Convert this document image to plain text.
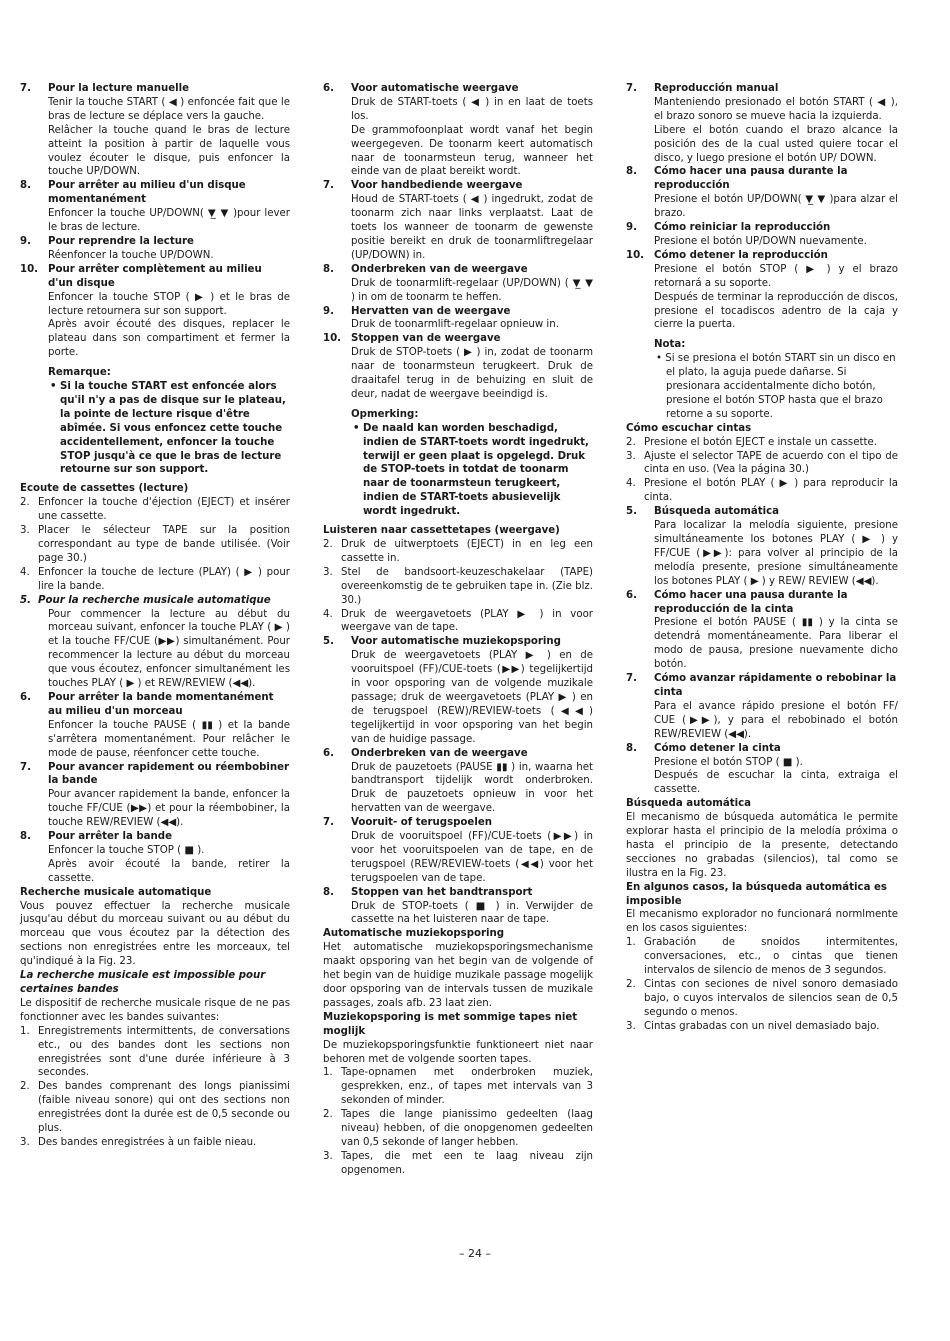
7. Pour la lecture manuelle

Tenir la touche START ( ◀ ) enfoncée fait que le bras de lecture se déplace vers la gauche.

Relâcher la touche quand le bras de lecture atteint la position à partir de laquelle vous voulez écouter le disque, puis enfoncer la touche UP/DOWN.

8. Pour arrêter au milieu d'un disque momentanément

Enfoncer la touche UP/DOWN( ▼̲ ▼ )pour lever le bras de lecture.

9. Pour reprendre la lecture

Réenfoncer la touche UP/DOWN.

10. Pour arrêter complètement au milieu d'un disque

Enfoncer la touche STOP ( ▶ ) et le bras de lecture retournera sur son support.

Après avoir écouté des disques, replacer le plateau dans son compartiment et fermer la porte.

Remarque:

• Si la touche START est enfoncée alors qu'il n'y a pas de disque sur le plateau, la pointe de lecture risque d'être abîmée. Si vous enfoncez cette touche accidentellement, enfoncer la touche STOP jusqu'à ce que le bras de lecture retourne sur son support.

Ecoute de cassettes (lecture)

2. Enfoncer la touche d'éjection (EJECT) et insérer une cassette.

3. Placer le sélecteur TAPE sur la position correspondant au type de bande utilisée. (Voir page 30.)

4. Enfoncer la touche de lecture (PLAY) ( ▶ ) pour lire la bande.

5. Pour la recherche musicale automatique

Pour commencer la lecture au début du morceau suivant, enfoncer la touche PLAY ( ▶ ) et la touche FF/CUE (▶▶) simultanément. Pour recommencer la lecture au début du morceau que vous écoutez, enfoncer simultanément les touches PLAY ( ▶ ) et REW/REVIEW (◀◀).

6. Pour arrêter la bande momentanément au milieu d'un morceau

Enfoncer la touche PAUSE ( ▮▮ ) et la bande s'arrêtera momentanément. Pour relâcher le mode de pause, réenfoncer cette touche.

7. Pour avancer rapidement ou réembobiner la bande

Pour avancer rapidement la bande, enfoncer la touche FF/CUE (▶▶) et pour la réembobiner, la touche REW/REVIEW (◀◀).

8. Pour arrêter la bande

Enfoncer la touche STOP ( ■ ).

Après avoir écouté la bande, retirer la cassette.

Recherche musicale automatique

Vous pouvez effectuer la recherche musicale jusqu'au début du morceau suivant ou au début du morceau que vous écoutez par la détection des sections non enregistrées entre les morceaux, tel qu'indiqué à la Fig. 23.

La recherche musicale est impossible pour certaines bandes

Le dispositif de recherche musicale risque de ne pas fonctionner avec les bandes suivantes:

1. Enregistrements intermittents, de conversations etc., ou des bandes dont les sections non enregistrées sont d'une durée inférieure à 3 secondes.

2. Des bandes comprenant des longs pianissimi (faible niveau sonore) qui ont des sections non enregistrées dont la durée est de 0,5 seconde ou plus.

3. Des bandes enregistrées à un faible nieau.

6. Voor automatische weergave

Druk de START-toets ( ◀ ) in en laat de toets los.

De grammofoonplaat wordt vanaf het begin weergegeven. De toonarm keert automatisch naar de toonarmsteun terug, wanneer het einde van de plaat bereikt wordt.

7. Voor handbediende weergave

Houd de START-toets ( ◀ ) ingedrukt, zodat de toonarm zich naar links verplaatst. Laat de toets los wanneer de toonarm de gewenste positie bereikt en druk de toonarmliftregelaar (UP/DOWN) in.

8. Onderbreken van de weergave

Druk de toonarmlift-regelaar (UP/DOWN) ( ▼̲ ▼ ) in om de toonarm te heffen.

9. Hervatten van de weergave

Druk de toonarmlift-regelaar opnieuw in.

10. Stoppen van de weergave

Druk de STOP-toets ( ▶ ) in, zodat de toonarm naar de toonarmsteun terugkeert. Druk de draaitafel terug in de behuizing en sluit de deur, nadat de weergave beeindigd is.

Opmerking:

• De naald kan worden beschadigd, indien de START-toets wordt ingedrukt, terwijl er geen plaat is opgelegd. Druk de STOP-toets in totdat de toonarm naar de toonarmsteun terugkeert, indien de START-toets abusievelijk wordt ingedrukt.

Luisteren naar cassettetapes (weergave)

2. Druk de uitwerptoets (EJECT) in en leg een cassette in.

3. Stel de bandsoort-keuzeschakelaar (TAPE) overeenkomstig de te gebruiken tape in. (Zie blz. 30.)

4. Druk de weergavetoets (PLAY ▶ ) in voor weergave van de tape.

5. Voor automatische muziekopsporing

Druk de weergavetoets (PLAY ▶ ) en de vooruitspoel (FF)/CUE-toets (▶▶) tegelijkertijd in voor opsporing van de volgende muzikale passage; druk de weergavetoets (PLAY ▶ ) en de terugspoel (REW)/REVIEW-toets (◀◀) tegelijkertijd in voor opsporing van het begin van de huidige passage.

6. Onderbreken van de weergave

Druk de pauzetoets (PAUSE ▮▮ ) in, waarna het bandtransport tijdelijk wordt onderbroken. Druk de pauzetoets opnieuw in voor het hervatten van de weergave.

7. Vooruit- of terugspoelen

Druk de vooruitspoel (FF)/CUE-toets (▶▶) in voor het vooruitspoelen van de tape, en de terugspoel (REW/REVIEW-toets (◀◀) voor het terugspoelen van de tape.

8. Stoppen van het bandtransport

Druk de STOP-toets ( ■ ) in. Verwijder de cassette na het luisteren naar de tape.

Automatische muziekopsporing

Het automatische muziekopsporingsmechanisme maakt opsporing van het begin van de volgende of het begin van de huidige muzikale passage mogelijk door opsporing van de intervals tussen de muzikale passages, zoals afb. 23 laat zien.

Muziekopsporing is met sommige tapes niet moglijk

De muziekopsporingsfunktie funktioneert niet naar behoren met de volgende soorten tapes.

1. Tape-opnamen met onderbroken muziek, gesprekken, enz., of tapes met intervals van 3 sekonden of minder.

2. Tapes die lange pianissimo gedeelten (laag niveau) hebben, of die onopgenomen gedeelten van 0,5 sekonde of langer hebben.

3. Tapes, die met een te laag niveau zijn opgenomen.

7. Reproducción manual

Manteniendo presionado el botón START ( ◀ ), el brazo sonoro se mueve hacia la izquierda.

Libere el botón cuando el brazo alcance la posición des de la cual usted quiere tocar el disco, y luego presione el botón UP/ DOWN.

8. Cómo hacer una pausa durante la reproducción

Presione el botón UP/DOWN( ▼̲ ▼ )para alzar el brazo.

9. Cómo reiniciar la reproducción

Presione el botón UP/DOWN nuevamente.

10. Cómo detener la reproducción

Presione el botón STOP ( ▶ ) y el brazo retornará a su soporte.

Después de terminar la reproducción de discos, presione el tocadiscos adentro de la caja y cierre la puerta.

Nota:

• Si se presiona el botón START sin un disco en el plato, la aguja puede dañarse. Si presionara accidentalmente dicho botón, presione el botón STOP hasta que el brazo retorne a su soporte.

Cómo escuchar cintas

2. Presione el botón EJECT e instale un cassette.

3. Ajuste el selector TAPE de acuerdo con el tipo de cinta en uso. (Vea la página 30.)

4. Presione el botón PLAY ( ▶ ) para reproducir la cinta.

5. Búsqueda automática

Para localizar la melodía siguiente, presione simultáneamente los botones PLAY ( ▶ ) y FF/CUE (▶▶): para volver al principio de la melodía presente, presione simultáneamente los botones PLAY ( ▶ ) y REW/ REVIEW (◀◀).

6. Cómo hacer una pausa durante la reproducción de la cinta

Presione el botón PAUSE ( ▮▮ ) y la cinta se detendrá momentáneamente. Para liberar el modo de pausa, presione nuevamente dicho botón.

7. Cómo avanzar rápidamente o rebobinar la cinta

Para el avance rápido presione el botón FF/ CUE (▶▶), y para el rebobinado el botón REW/REVIEW (◀◀).

8. Cómo detener la cinta

Presione el botón STOP ( ■ ).

Después de escuchar la cinta, extraiga el cassette.

Búsqueda automática

El mecanismo de búsqueda automática le permite explorar hasta el principio de la melodía próxima o hasta el principio de la presente, detectando secciones no grabadas (silencios), tal como se ilustra en la Fig. 23.

En algunos casos, la búsqueda automática es imposible

El mecanismo explorador no funcionará normlmente en los casos siguientes:

1. Grabación de snoidos intermitentes, conversaciones, etc., o cintas que tienen intervalos de silencio de menos de 3 segundos.

2. Cintas con seciones de nivel sonoro demasiado bajo, o cuyos intervalos de silencios sean de 0,5 segundo o menos.

3. Cintas grabadas con un nivel demasiado bajo.

– 24 –
